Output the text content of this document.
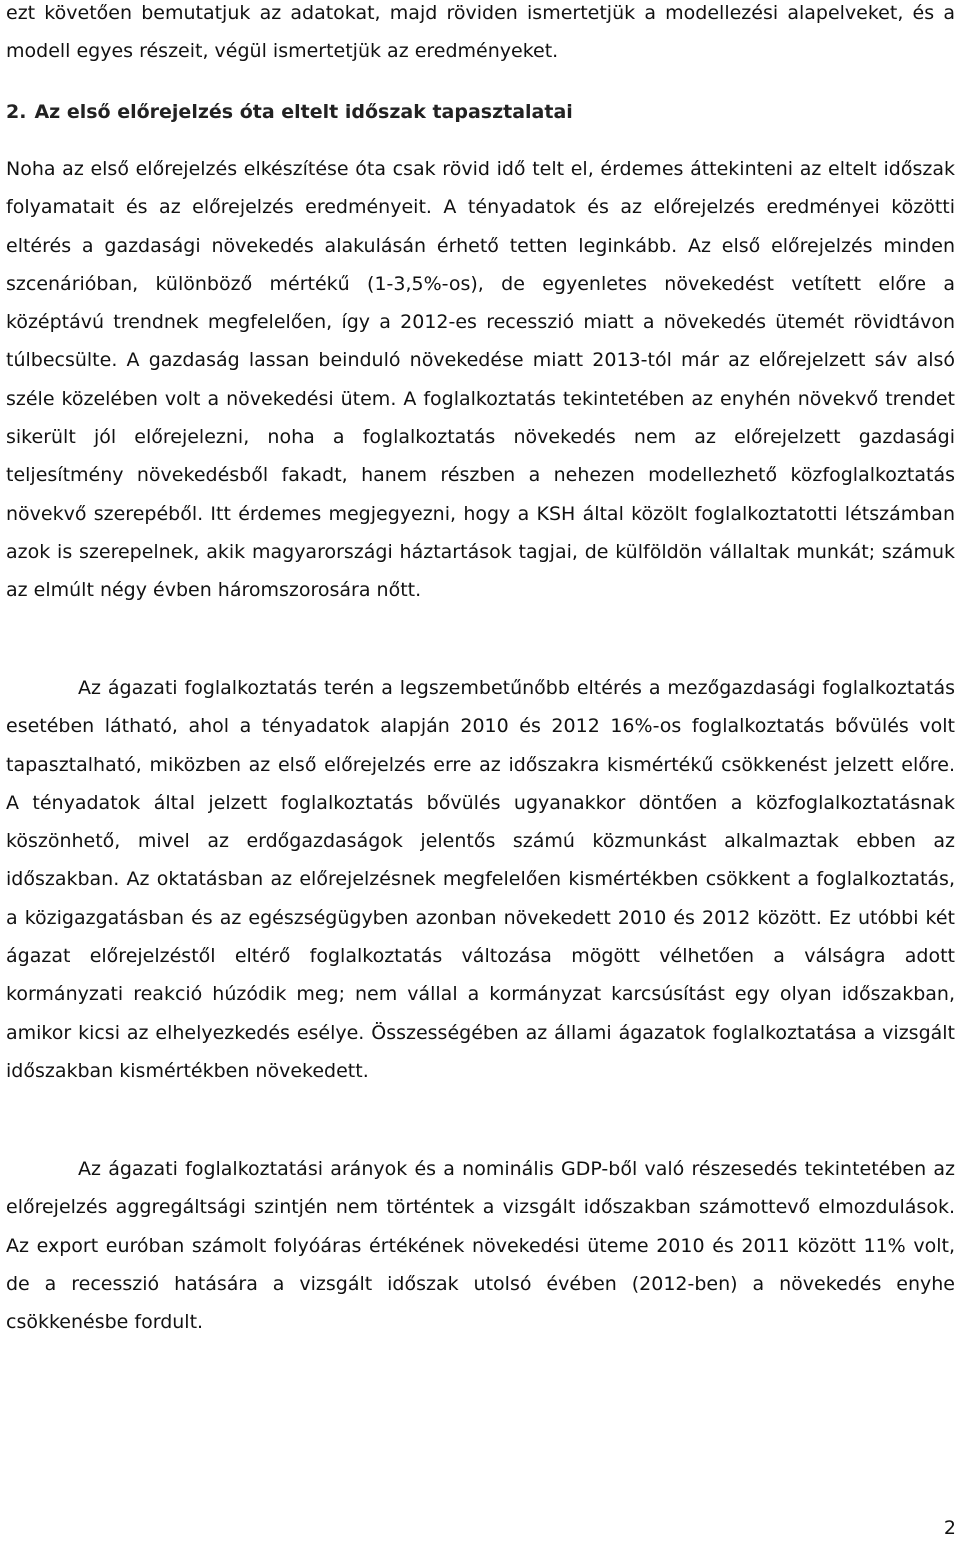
ezt követően bemutatjuk az adatokat, majd röviden ismertetjük a modellezési alapelveket, és a modell egyes részeit, végül ismertetjük az eredményeket.

2. Az első előrejelzés óta eltelt időszak tapasztalatai

Noha az első előrejelzés elkészítése óta csak rövid idő telt el, érdemes áttekinteni az eltelt időszak folyamatait és az előrejelzés eredményeit. A tényadatok és az előrejelzés eredményei közötti eltérés a gazdasági növekedés alakulásán érhető tetten leginkább. Az első előrejelzés minden szcenárióban, különböző mértékű (1-3,5%-os), de egyenletes növekedést vetített előre a középtávú trendnek megfelelően, így a 2012-es recesszió miatt a növekedés ütemét rövidtávon túlbecsülte. A gazdaság lassan beinduló növekedése miatt 2013-tól már az előrejelzett sáv alsó széle közelében volt a növekedési ütem. A foglalkoztatás tekintetében az enyhén növekvő trendet sikerült jól előrejelezni, noha a foglalkoztatás növekedés nem az előrejelzett gazdasági teljesítmény növekedésből fakadt, hanem részben a nehezen modellezhető közfoglalkoztatás növekvő szerepéből. Itt érdemes megjegyezni, hogy a KSH által közölt foglalkoztatotti létszámban azok is szerepelnek, akik magyarországi háztartások tagjai, de külföldön vállaltak munkát; számuk az elmúlt négy évben háromszorosára nőtt.

Az ágazati foglalkoztatás terén a legszembetűnőbb eltérés a mezőgazdasági foglalkoztatás esetében látható, ahol a tényadatok alapján 2010 és 2012 16%-os foglalkoztatás bővülés volt tapasztalható, miközben az első előrejelzés erre az időszakra kismértékű csökkenést jelzett előre. A tényadatok által jelzett foglalkoztatás bővülés ugyanakkor döntően a közfoglalkoztatásnak köszönhető, mivel az erdőgazdaságok jelentős számú közmunkást alkalmaztak ebben az időszakban. Az oktatásban az előrejelzésnek megfelelően kismértékben csökkent a foglalkoztatás, a közigazgatásban és az egészségügyben azonban növekedett 2010 és 2012 között. Ez utóbbi két ágazat előrejelzéstől eltérő foglalkoztatás változása mögött vélhetően a válságra adott kormányzati reakció húzódik meg; nem vállal a kormányzat karcsúsítást egy olyan időszakban, amikor kicsi az elhelyezkedés esélye. Összességében az állami ágazatok foglalkoztatása a vizsgált időszakban kismértékben növekedett.

Az ágazati foglalkoztatási arányok és a nominális GDP-ből való részesedés tekintetében az előrejelzés aggregáltsági szintjén nem történtek a vizsgált időszakban számottevő elmozdulások. Az export euróban számolt folyóáras értékének növekedési üteme 2010 és 2011 között 11% volt, de a recesszió hatására a vizsgált időszak utolsó évében (2012-ben) a növekedés enyhe csökkenésbe fordult.

2
